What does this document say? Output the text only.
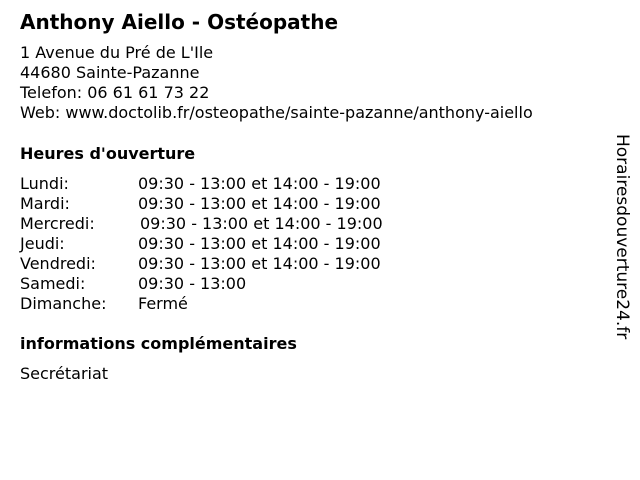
Anthony Aiello - Ostéopathe
1 Avenue du Pré de L'Ile
44680 Sainte-Pazanne
Telefon: 06 61 61 73 22
Web: www.doctolib.fr/osteopathe/sainte-pazanne/anthony-aiello
Heures d'ouverture
Lundi:	09:30 - 13:00 et 14:00 - 19:00
Mardi:	09:30 - 13:00 et 14:00 - 19:00
Mercredi:	09:30 - 13:00 et 14:00 - 19:00
Jeudi:	09:30 - 13:00 et 14:00 - 19:00
Vendredi:	09:30 - 13:00 et 14:00 - 19:00
Samedi:	09:30 - 13:00
Dimanche: Fermé
informations complémentaires
Secrétariat
Horairesdouverture24.fr
